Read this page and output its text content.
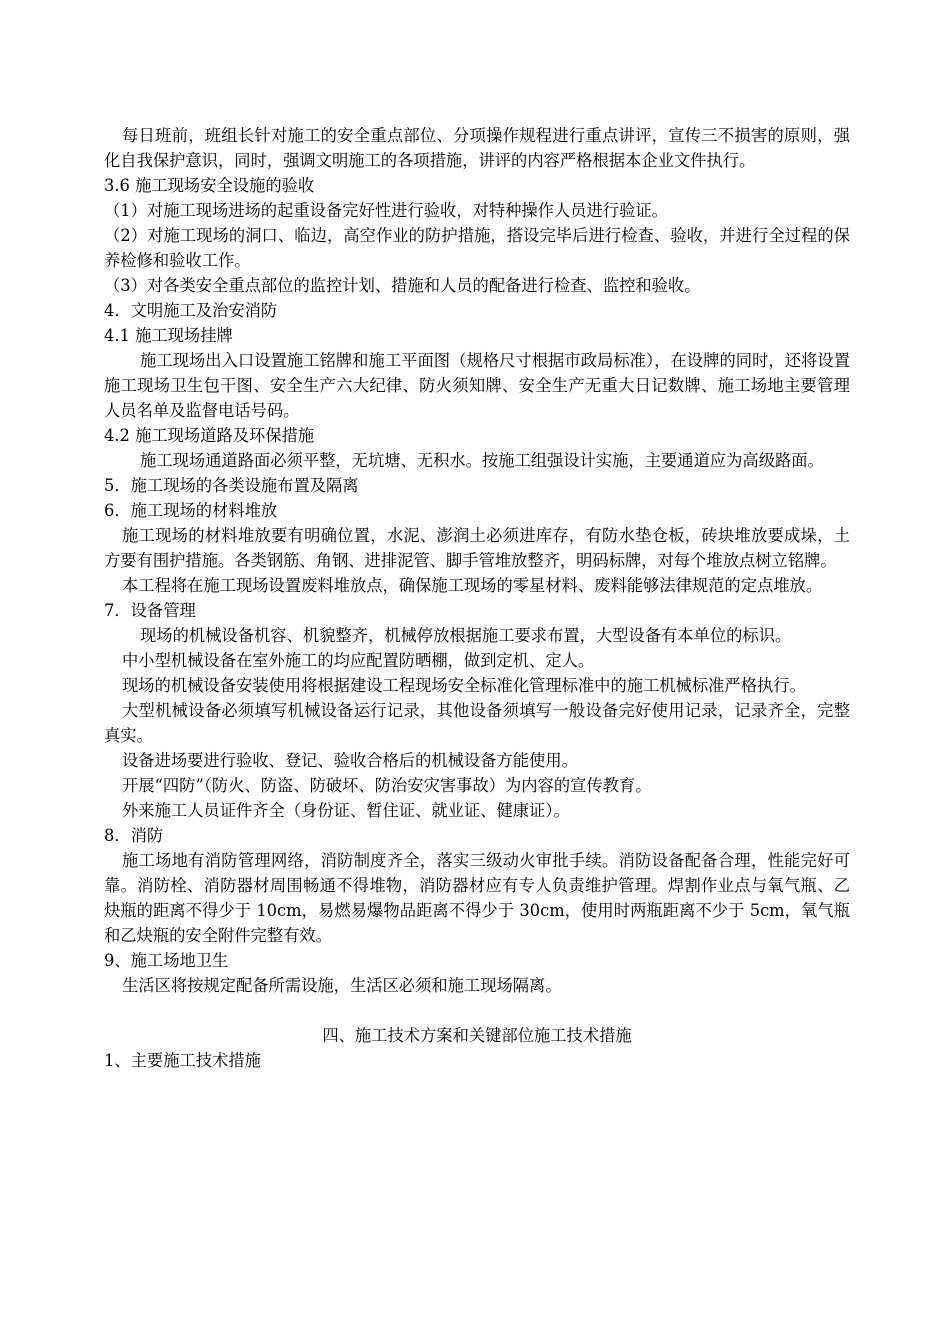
每日班前，班组长针对施工的安全重点部位、分项操作规程进行重点讲评，宣传三不损害的原则，强化自我保护意识，同时，强调文明施工的各项措施，讲评的内容严格根据本企业文件执行。

3.6 施工现场安全设施的验收

（1）对施工现场进场的起重设备完好性进行验收，对特种操作人员进行验证。

（2）对施工现场的洞口、临边，高空作业的防护措施，搭设完毕后进行检查、验收，并进行全过程的保养检修和验收工作。

（3）对各类安全重点部位的监控计划、措施和人员的配备进行检查、监控和验收。

4．文明施工及治安消防

4.1 施工现场挂牌

施工现场出入口设置施工铭牌和施工平面图（规格尺寸根据市政局标准），在设牌的同时，还将设置施工现场卫生包干图、安全生产六大纪律、防火须知牌、安全生产无重大日记数牌、施工场地主要管理人员名单及监督电话号码。

4.2 施工现场道路及环保措施

施工现场通道路面必须平整，无坑塘、无积水。按施工组强设计实施，主要通道应为高级路面。

5．施工现场的各类设施布置及隔离

6．施工现场的材料堆放

施工现场的材料堆放要有明确位置，水泥、澎润土必须进库存，有防水垫仓板，砖块堆放要成垛，土方要有围护措施。各类钢筋、角钢、进排泥管、脚手管堆放整齐，明码标牌，对每个堆放点树立铭牌。

本工程将在施工现场设置废料堆放点，确保施工现场的零星材料、废料能够法律规范的定点堆放。

7．设备管理

现场的机械设备机容、机貌整齐，机械停放根据施工要求布置，大型设备有本单位的标识。

中小型机械设备在室外施工的均应配置防晒棚，做到定机、定人。

现场的机械设备安装使用将根据建设工程现场安全标准化管理标准中的施工机械标准严格执行。

大型机械设备必须填写机械设备运行记录，其他设备须填写一般设备完好使用记录，记录齐全，完整真实。

设备进场要进行验收、登记、验收合格后的机械设备方能使用。

开展“四防”（防火、防盗、防破坏、防治安灾害事故）为内容的宣传教育。

外来施工人员证件齐全（身份证、暂住证、就业证、健康证）。

8．消防

施工场地有消防管理网络，消防制度齐全，落实三级动火审批手续。消防设备配备合理，性能完好可靠。消防栓、消防器材周围畅通不得堆物，消防器材应有专人负责维护管理。焊割作业点与氧气瓶、乙炔瓶的距离不得少于 10cm，易燃易爆物品距离不得少于 30cm，使用时两瓶距离不少于 5cm，氧气瓶和乙炔瓶的安全附件完整有效。

9、施工场地卫生

生活区将按规定配备所需设施，生活区必须和施工现场隔离。

四、施工技术方案和关键部位施工技术措施

1、主要施工技术措施
